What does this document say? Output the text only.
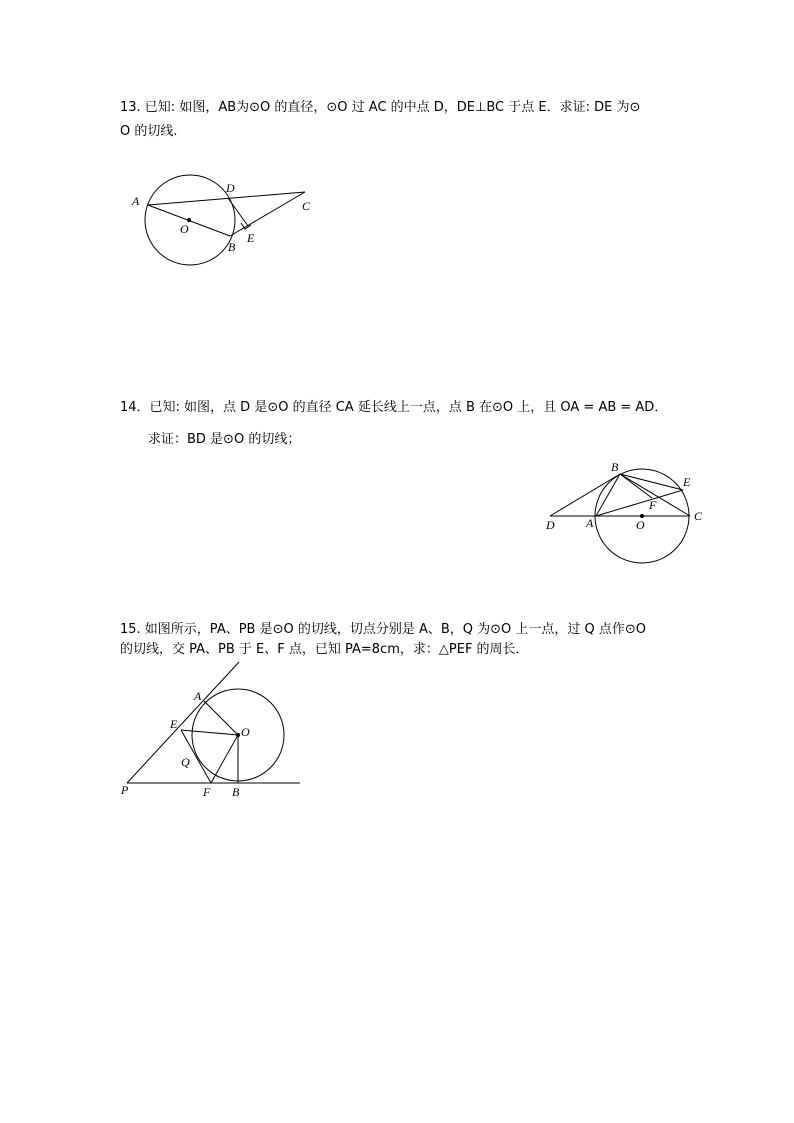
13. 已知: 如图，AB为⊙O 的直径，⊙O 过 AC 的中点 D，DE⊥BC 于点 E．求证: DE 为⊙
O 的切线.
A
D
C
O
B
E
14．已知: 如图，点 D 是⊙O 的直径 CA 延长线上一点，点 B 在⊙O 上，且 OA = AB = AD．
求证：BD 是⊙O 的切线；
D	A	O
C
B
E
F
15. 如图所示，PA、PB 是⊙O 的切线，切点分别是 A、B，Q 为⊙O 上一点，过 Q 点作⊙O
的切线，交 PA、PB 于 E、F 点，已知 PA=8cm，求：△PEF 的周长．
P
A
E
Q
O
F B
